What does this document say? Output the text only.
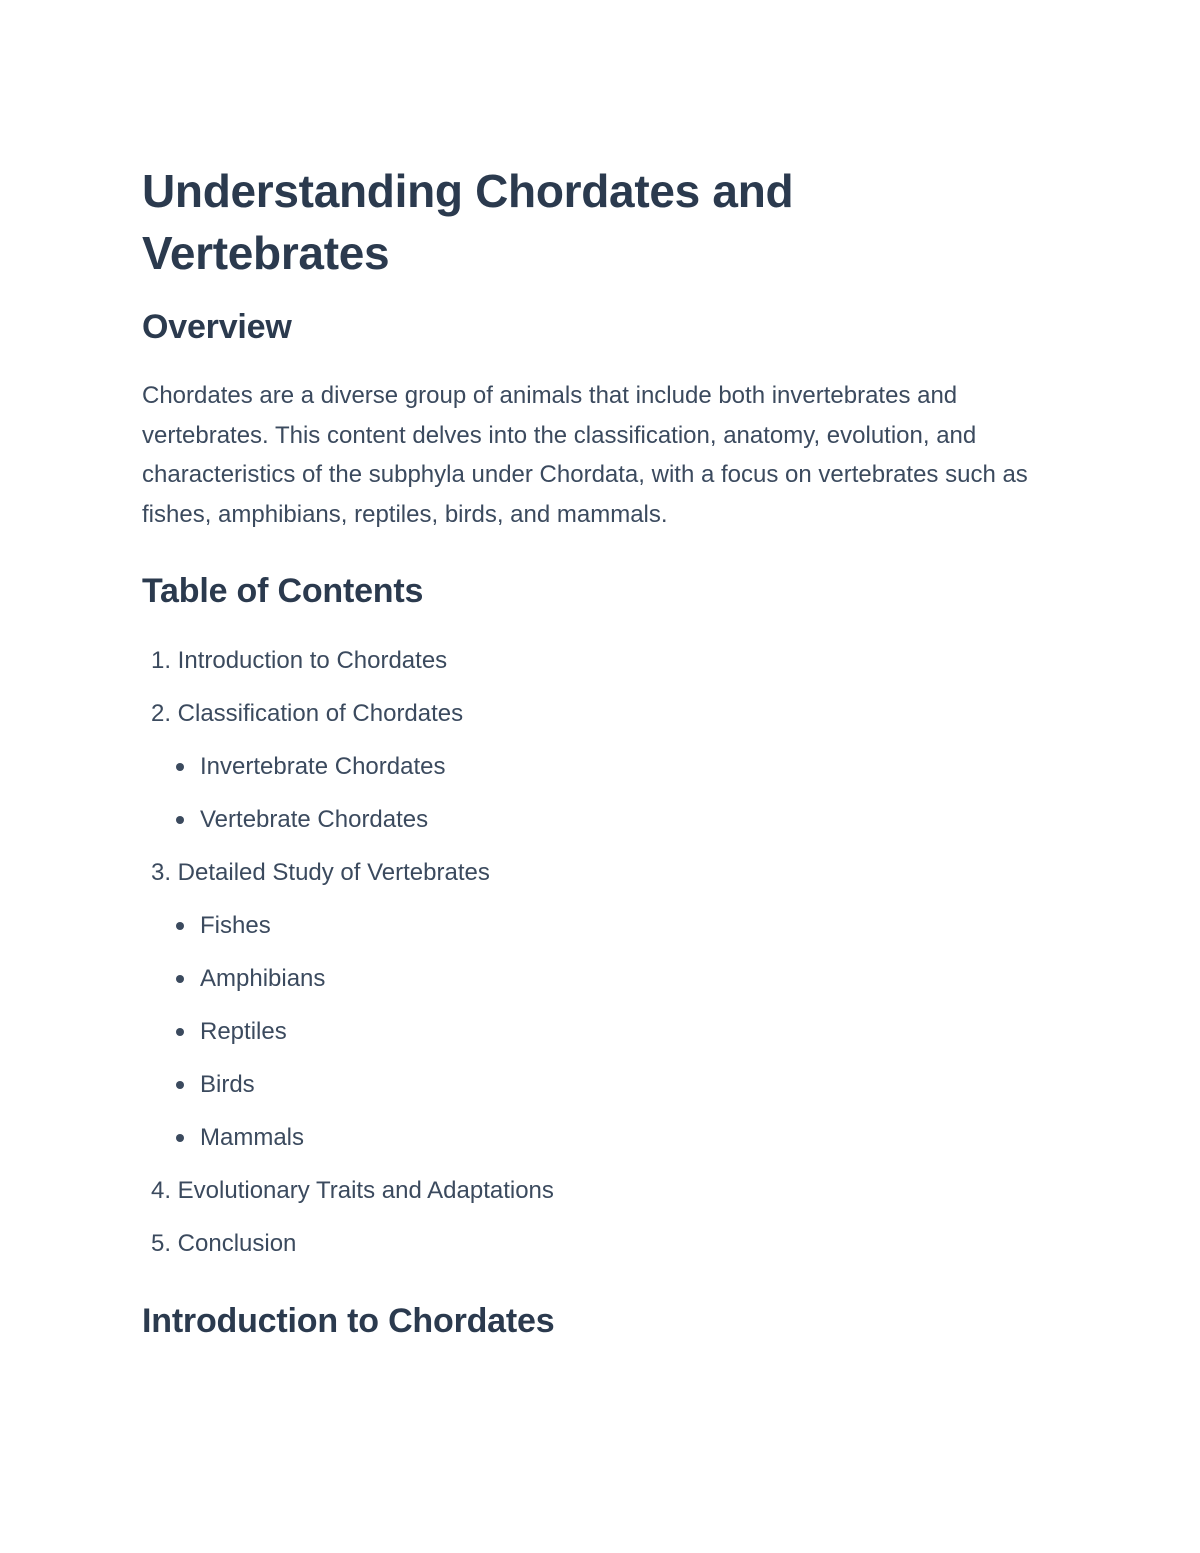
Understanding Chordates and Vertebrates
Overview

Chordates are a diverse group of animals that include both invertebrates and vertebrates. This content delves into the classification, anatomy, evolution, and characteristics of the subphyla under Chordata, with a focus on vertebrates such as fishes, amphibians, reptiles, birds, and mammals.

Table of Contents
1. Introduction to Chordates
2. Classification of Chordates
Invertebrate Chordates
Vertebrate Chordates
3. Detailed Study of Vertebrates
Fishes
Amphibians
Reptiles
Birds
Mammals
4. Evolutionary Traits and Adaptations
5. Conclusion
Introduction to Chordates
